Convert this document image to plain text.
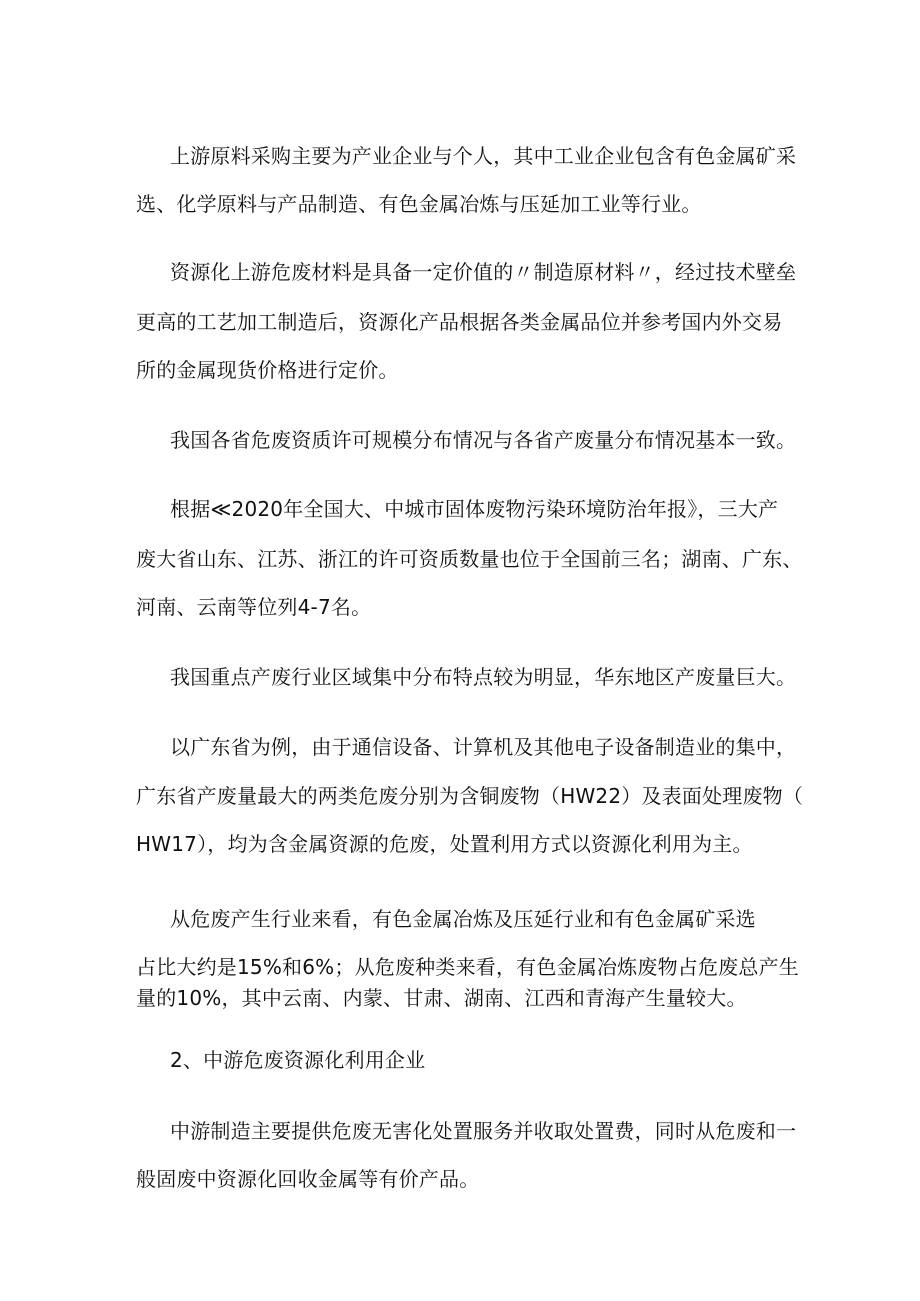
上游原料采购主要为产业企业与个人，其中工业企业包含有色金属矿采
选、化学原料与产品制造、有色金属冶炼与压延加工业等行业。
资源化上游危废材料是具备一定价值的〃制造原材料〃，经过技术壁垒
更高的工艺加工制造后，资源化产品根据各类金属品位并参考国内外交易
所的金属现货价格进行定价。
我国各省危废资质许可规模分布情况与各省产废量分布情况基本一致。
根据≪2020年全国大、中城市固体废物污染环境防治年报》，三大产
废大省山东、江苏、浙江的许可资质数量也位于全国前三名；湖南、广东、
河南、云南等位列4-7名。
我国重点产废行业区域集中分布特点较为明显，华东地区产废量巨大。
以广东省为例，由于通信设备、计算机及其他电子设备制造业的集中，
广东省产废量最大的两类危废分别为含铜废物（HW22）及表面处理废物（
HW17），均为含金属资源的危废，处置利用方式以资源化利用为主。
从危废产生行业来看，有色金属冶炼及压延行业和有色金属矿采选
占比大约是15%和6%；从危废种类来看，有色金属冶炼废物占危废总产生
量的10%，其中云南、内蒙、甘肃、湖南、江西和青海产生量较大。
2、中游危废资源化利用企业
中游制造主要提供危废无害化处置服务并收取处置费，同时从危废和一
般固废中资源化回收金属等有价产品。
